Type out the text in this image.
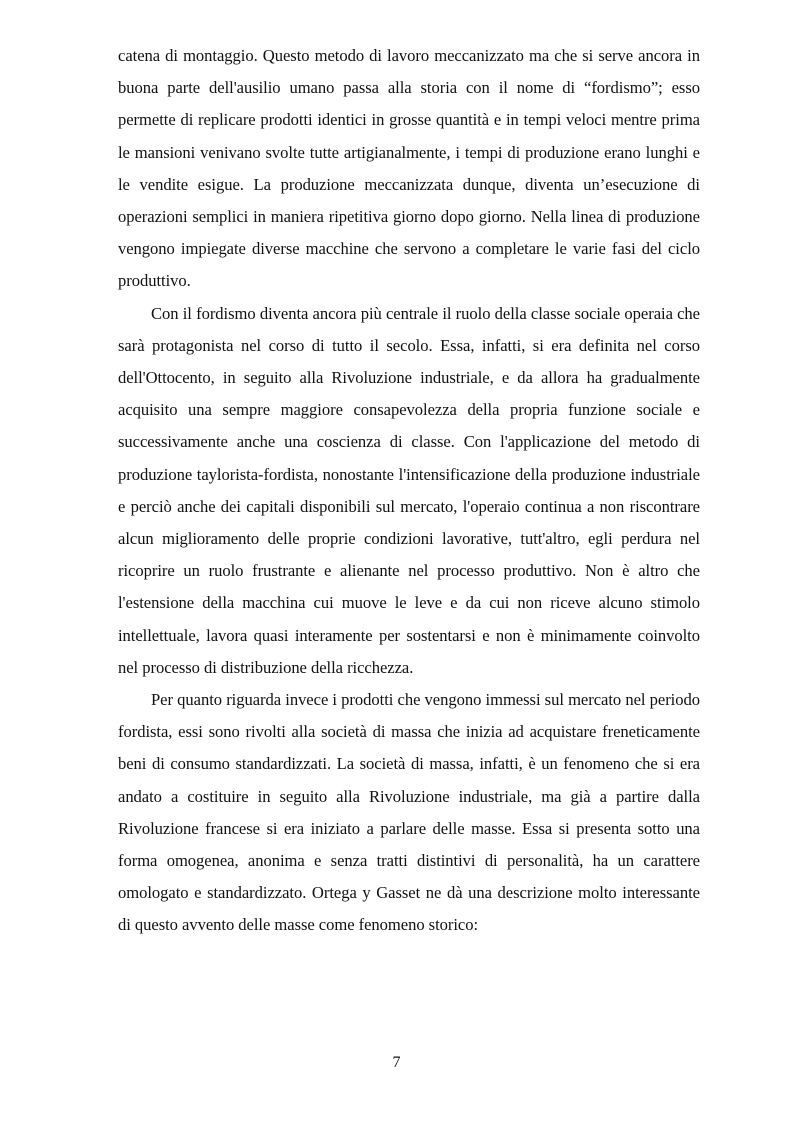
catena di montaggio. Questo metodo di lavoro meccanizzato ma che si serve ancora in buona parte dell'ausilio umano passa alla storia con il nome di “fordismo”; esso permette di replicare prodotti identici in grosse quantità e in tempi veloci mentre prima le mansioni venivano svolte tutte artigianalmente, i tempi di produzione erano lunghi e le vendite esigue. La produzione meccanizzata dunque, diventa un’esecuzione di operazioni semplici in maniera ripetitiva giorno dopo giorno. Nella linea di produzione vengono impiegate diverse macchine che servono a completare le varie fasi del ciclo produttivo.

Con il fordismo diventa ancora più centrale il ruolo della classe sociale operaia che sarà protagonista nel corso di tutto il secolo. Essa, infatti, si era definita nel corso dell'Ottocento, in seguito alla Rivoluzione industriale, e da allora ha gradualmente acquisito una sempre maggiore consapevolezza della propria funzione sociale e successivamente anche una coscienza di classe. Con l'applicazione del metodo di produzione taylorista-fordista, nonostante l'intensificazione della produzione industriale e perciò anche dei capitali disponibili sul mercato, l'operaio continua a non riscontrare alcun miglioramento delle proprie condizioni lavorative, tutt'altro, egli perdura nel ricoprire un ruolo frustrante e alienante nel processo produttivo. Non è altro che l'estensione della macchina cui muove le leve e da cui non riceve alcuno stimolo intellettuale, lavora quasi interamente per sostentarsi e non è minimamente coinvolto nel processo di distribuzione della ricchezza.

Per quanto riguarda invece i prodotti che vengono immessi sul mercato nel periodo fordista, essi sono rivolti alla società di massa che inizia ad acquistare freneticamente beni di consumo standardizzati. La società di massa, infatti, è un fenomeno che si era andato a costituire in seguito alla Rivoluzione industriale, ma già a partire dalla Rivoluzione francese si era iniziato a parlare delle masse. Essa si presenta sotto una forma omogenea, anonima e senza tratti distintivi di personalità, ha un carattere omologato e standardizzato. Ortega y Gasset ne dà una descrizione molto interessante di questo avvento delle masse come fenomeno storico:

7
